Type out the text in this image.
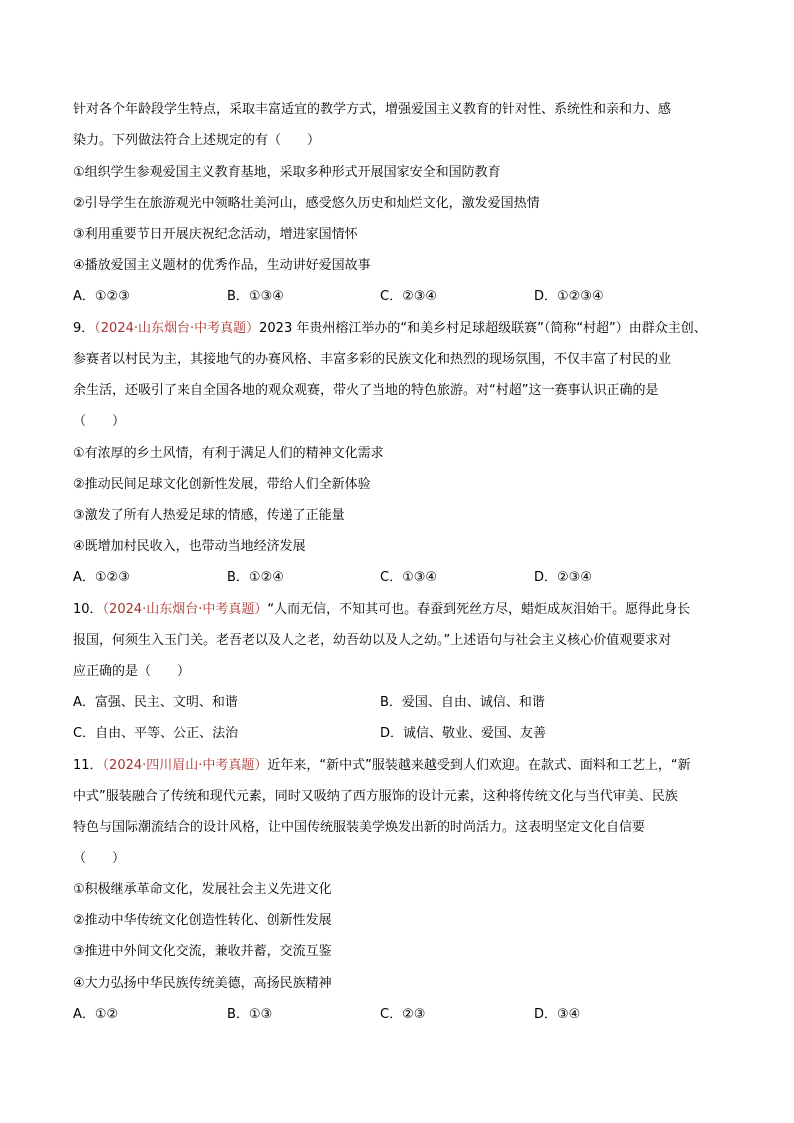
针对各个年龄段学生特点，采取丰富适宜的教学方式，增强爱国主义教育的针对性、系统性和亲和力、感
染力。下列做法符合上述规定的有（　　）
①组织学生参观爱国主义教育基地，采取多种形式开展国家安全和国防教育
②引导学生在旅游观光中领略壮美河山，感受悠久历史和灿烂文化，激发爱国热情
③利用重要节日开展庆祝纪念活动，增进家国情怀
④播放爱国主义题材的优秀作品，生动讲好爱国故事
A．①②③	B．①③④	C．②③④	D．①②③④
9．（2024·山东烟台·中考真题）2023 年贵州榕江举办的“和美乡村足球超级联赛”（简称“村超”）由群众主创、
参赛者以村民为主，其接地气的办赛风格、丰富多彩的民族文化和热烈的现场氛围，不仅丰富了村民的业
余生活，还吸引了来自全国各地的观众观赛，带火了当地的特色旅游。对“村超”这一赛事认识正确的是
（　　）
①有浓厚的乡土风情，有利于满足人们的精神文化需求
②推动民间足球文化创新性发展，带给人们全新体验
③激发了所有人热爱足球的情感，传递了正能量
④既增加村民收入，也带动当地经济发展
A．①②③	B．①②④	C．①③④	D．②③④
10．（2024·山东烟台·中考真题）“人而无信，不知其可也。春蚕到死丝方尽，蜡炬成灰泪始干。愿得此身长
报国，何须生入玉门关。老吾老以及人之老，幼吾幼以及人之幼。”上述语句与社会主义核心价值观要求对
应正确的是（　　）
A．富强、民主、文明、和谐	B．爱国、自由、诚信、和谐
C．自由、平等、公正、法治	D．诚信、敬业、爱国、友善
11．（2024·四川眉山·中考真题）近年来，“新中式”服装越来越受到人们欢迎。在款式、面料和工艺上，“新
中式”服装融合了传统和现代元素，同时又吸纳了西方服饰的设计元素，这种将传统文化与当代审美、民族
特色与国际潮流结合的设计风格，让中国传统服装美学焕发出新的时尚活力。这表明坚定文化自信要
（　　）
①积极继承革命文化，发展社会主义先进文化
②推动中华传统文化创造性转化、创新性发展
③推进中外间文化交流，兼收并蓄，交流互鉴
④大力弘扬中华民族传统美德，高扬民族精神
A．①②	B．①③	C．②③	D．③④
